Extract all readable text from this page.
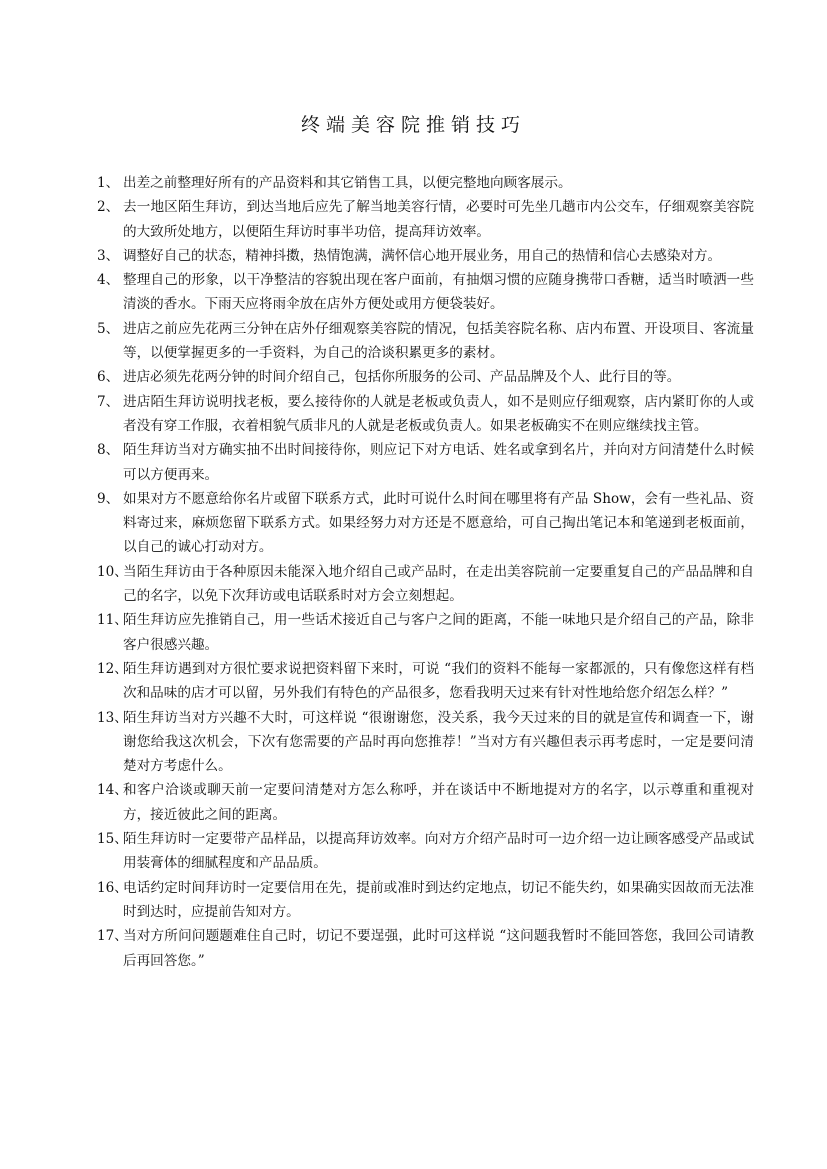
终端美容院推销技巧
1、 出差之前整理好所有的产品资料和其它销售工具，以便完整地向顾客展示。
2、 去一地区陌生拜访，到达当地后应先了解当地美容行情，必要时可先坐几趟市内公交车，仔细观察美容院的大致所处地方，以便陌生拜访时事半功倍，提高拜访效率。
3、 调整好自己的状态，精神抖擞，热情饱满，满怀信心地开展业务，用自己的热情和信心去感染对方。
4、 整理自己的形象，以干净整洁的容貌出现在客户面前，有抽烟习惯的应随身携带口香糖，适当时喷洒一些清淡的香水。下雨天应将雨伞放在店外方便处或用方便袋装好。
5、 进店之前应先花两三分钟在店外仔细观察美容院的情况，包括美容院名称、店内布置、开设项目、客流量等，以便掌握更多的一手资料，为自己的洽谈积累更多的素材。
6、 进店必须先花两分钟的时间介绍自己，包括你所服务的公司、产品品牌及个人、此行目的等。
7、 进店陌生拜访说明找老板，要么接待你的人就是老板或负责人，如不是则应仔细观察，店内紧盯你的人或者没有穿工作服，衣着相貌气质非凡的人就是老板或负责人。如果老板确实不在则应继续找主管。
8、 陌生拜访当对方确实抽不出时间接待你，则应记下对方电话、姓名或拿到名片，并向对方问清楚什么时候可以方便再来。
9、 如果对方不愿意给你名片或留下联系方式，此时可说什么时间在哪里将有产品 Show，会有一些礼品、资料寄过来，麻烦您留下联系方式。如果经努力对方还是不愿意给，可自己掏出笔记本和笔递到老板面前，以自己的诚心打动对方。
10、
当陌生拜访由于各种原因未能深入地介绍自己或产品时，在走出美容院前一定要重复自己的产品品牌和自己的名字，以免下次拜访或电话联系时对方会立刻想起。
11、
陌生拜访应先推销自己，用一些话术接近自己与客户之间的距离，不能一味地只是介绍自己的产品，除非客户很感兴趣。
12、
陌生拜访遇到对方很忙要求说把资料留下来时，可说 “我们的资料不能每一家都派的，只有像您这样有档次和品味的店才可以留，另外我们有特色的产品很多，您看我明天过来有针对性地给您介绍怎么样？”
13、
陌生拜访当对方兴趣不大时，可这样说 “很谢谢您，没关系，我今天过来的目的就是宣传和调查一下，谢谢您给我这次机会，下次有您需要的产品时再向您推荐！”当对方有兴趣但表示再考虑时，一定是要问清楚对方考虑什么。
14、
和客户洽谈或聊天前一定要问清楚对方怎么称呼，并在谈话中不断地提对方的名字，以示尊重和重视对方，接近彼此之间的距离。
15、
陌生拜访时一定要带产品样品，以提高拜访效率。向对方介绍产品时可一边介绍一边让顾客感受产品或试用装膏体的细腻程度和产品品质。
16、
电话约定时间拜访时一定要信用在先，提前或准时到达约定地点，切记不能失约，如果确实因故而无法准时到达时，应提前告知对方。
17、
当对方所问问题题难住自己时，切记不要逞强，此时可这样说 “这问题我暂时不能回答您，我回公司请教后再回答您。”
